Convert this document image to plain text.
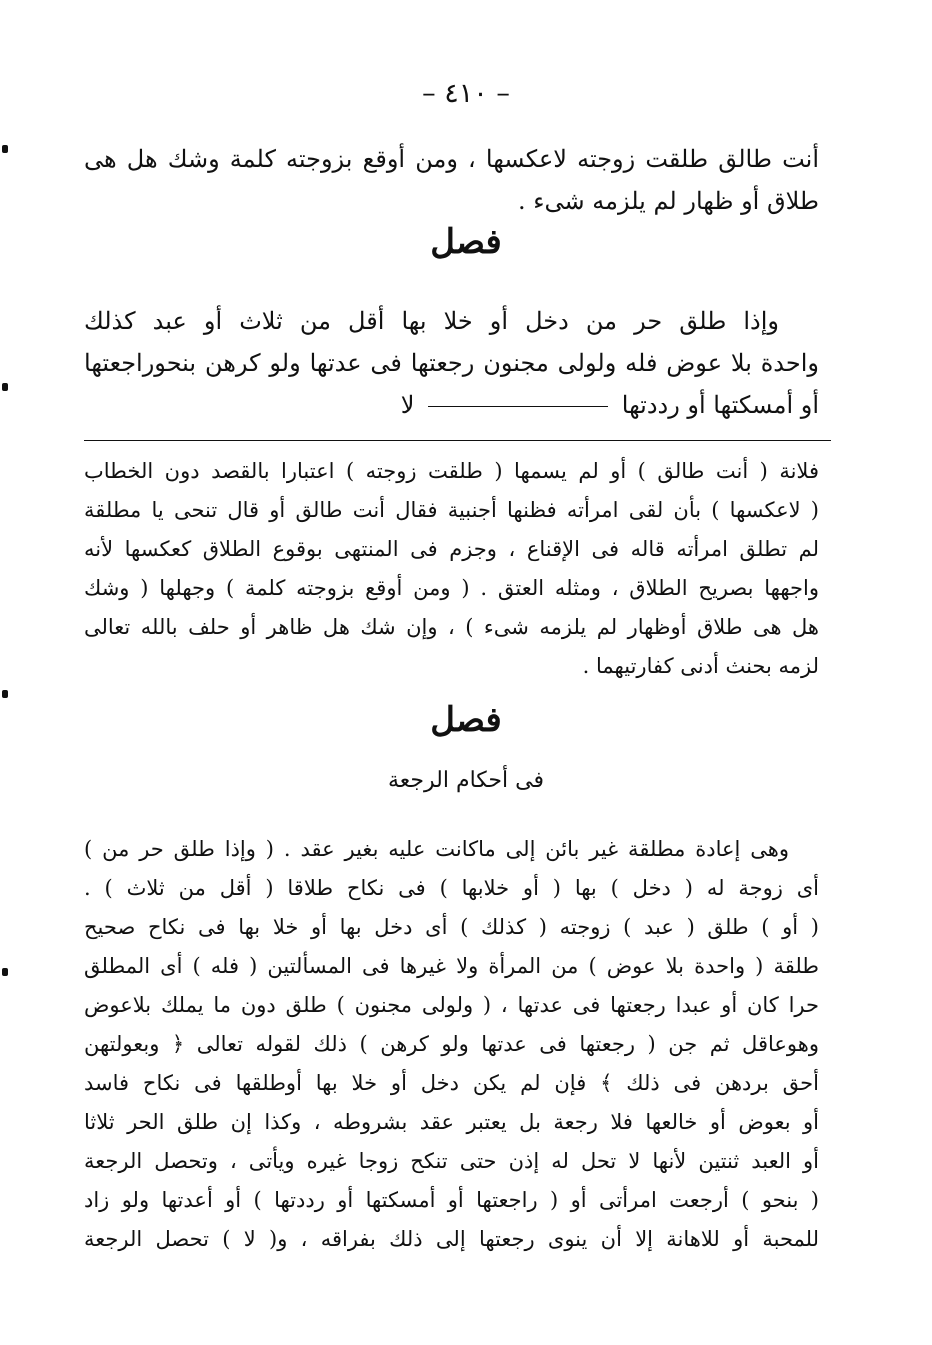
– ٤١٠ –
أنت طالق طلقت زوجته لاعكسها ، ومن أوقع بزوجته كلمة وشك هل هى
طلاق أو ظهار لم يلزمه شىء .
فصل
وإذا طلق حر من دخل أو خلا بها أقل من ثلاث أو عبد كذلك
واحدة بلا عوض فله ولولى مجنون رجعتها فى عدتها ولو كرهن بنحوراجعتها
أو أمسكتها أو رددتها  لا
فلانة ( أنت طالق ) أو لم يسمها ( طلقت زوجته ) اعتبارا بالقصد دون الخطاب
( لاعكسها ) بأن لقى امرأته فظنها أجنبية فقال أنت طالق أو قال تنحى يا مطلقة
لم تطلق امرأته قاله فى الإقناع ، وجزم فى المنتهى بوقوع الطلاق كعكسها لأنه
واجهها بصريح الطلاق ، ومثله العتق . ( ومن أوقع بزوجته كلمة ) وجهلها ( وشك
هل هى طلاق أوظهار لم يلزمه شىء ) ، وإن شك هل ظاهر أو حلف بالله تعالى
لزمه بحنث أدنى كفارتيهما .
فصل
فى أحكام الرجعة
وهى إعادة مطلقة غير بائن إلى ماكانت عليه بغير عقد . ( وإذا طلق حر من )
أى زوجة له ( دخل ) بها ( أو خلابها ) فى نكاح طلاقا ( أقل من ثلاث ) .
( أو ) طلق ( عبد ) زوجته ( كذلك ) أى دخل بها أو خلا بها فى نكاح صحيح
طلقة ( واحدة بلا عوض ) من المرأة ولا غيرها فى المسألتين ( فله ) أى المطلق
حرا كان أو عبدا رجعتها فى عدتها ، ( ولولى مجنون ) طلق دون ما يملك بلاعوض
وهوعاقل ثم جن ( رجعتها فى عدتها ولو كرهن ) ذلك لقوله تعالى ﴿ وبعولتهن
أحق بردهن فى ذلك ﴾ فإن لم يكن دخل أو خلا بها أوطلقها فى نكاح فاسد
أو بعوض أو خالعها فلا رجعة بل يعتبر عقد بشروطه ، وكذا إن طلق الحر ثلاثا
أو العبد ثنتين لأنها لا تحل له إذن حتى تنكح زوجا غيره ويأتى ، وتحصل الرجعة
( بنحو ) أرجعت امرأتى أو ( راجعتها أو أمسكتها أو رددتها ) أو أعدتها ولو زاد
للمحبة أو للاهانة إلا أن ينوى رجعتها إلى ذلك بفراقه ، و( لا ) تحصل الرجعة
